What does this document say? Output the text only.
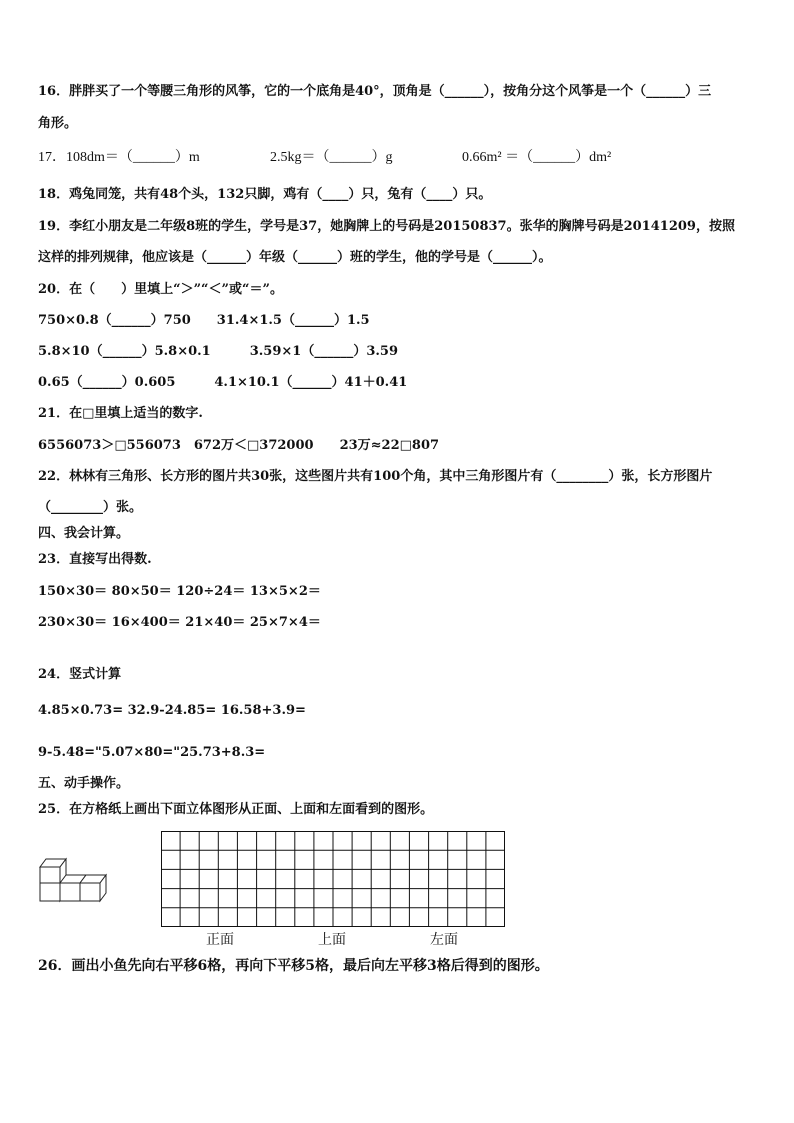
16．胖胖买了一个等腰三角形的风筝，它的一个底角是40°，顶角是（______），按角分这个风筝是一个（______）三
角形。
17． 108dm＝（______）m	2.5kg＝（______）g	0.66m² ＝（______）dm²
18．鸡兔同笼，共有48个头，132只脚，鸡有（____）只，兔有（____）只。
19．李红小朋友是二年级8班的学生，学号是37，她胸牌上的号码是20150837。张华的胸牌号码是20141209，按照
这样的排列规律，他应该是（______）年级（______）班的学生，他的学号是（______）。
20．在（　　）里填上“＞”“＜”或“＝”。
750×0.8（______）750　　31.4×1.5（______）1.5
5.8×10（______）5.8×0.1　　　3.59×1（______）3.59
0.65（______）0.605　　　4.1×10.1（______）41＋0.41
21．在□里填上适当的数字.
6556073＞□556073　672万＜□372000　　23万≈22□807
22．林林有三角形、长方形的图片共30张，这些图片共有100个角，其中三角形图片有（________）张，长方形图片
（________）张。
四、我会计算。
23．直接写出得数.
150×30＝ 80×50＝ 120÷24＝ 13×5×2＝
230×30＝ 16×400＝ 21×40＝ 25×7×4＝
24．竖式计算
4.85×0.73= 32.9-24.85= 16.58+3.9=
9-5.48="5.07×80="25.73+8.3=
五、动手操作。
25．在方格纸上画出下面立体图形从正面、上面和左面看到的图形。
正面	上面	左面
26．画出小鱼先向右平移6格，再向下平移5格，最后向左平移3格后得到的图形。
